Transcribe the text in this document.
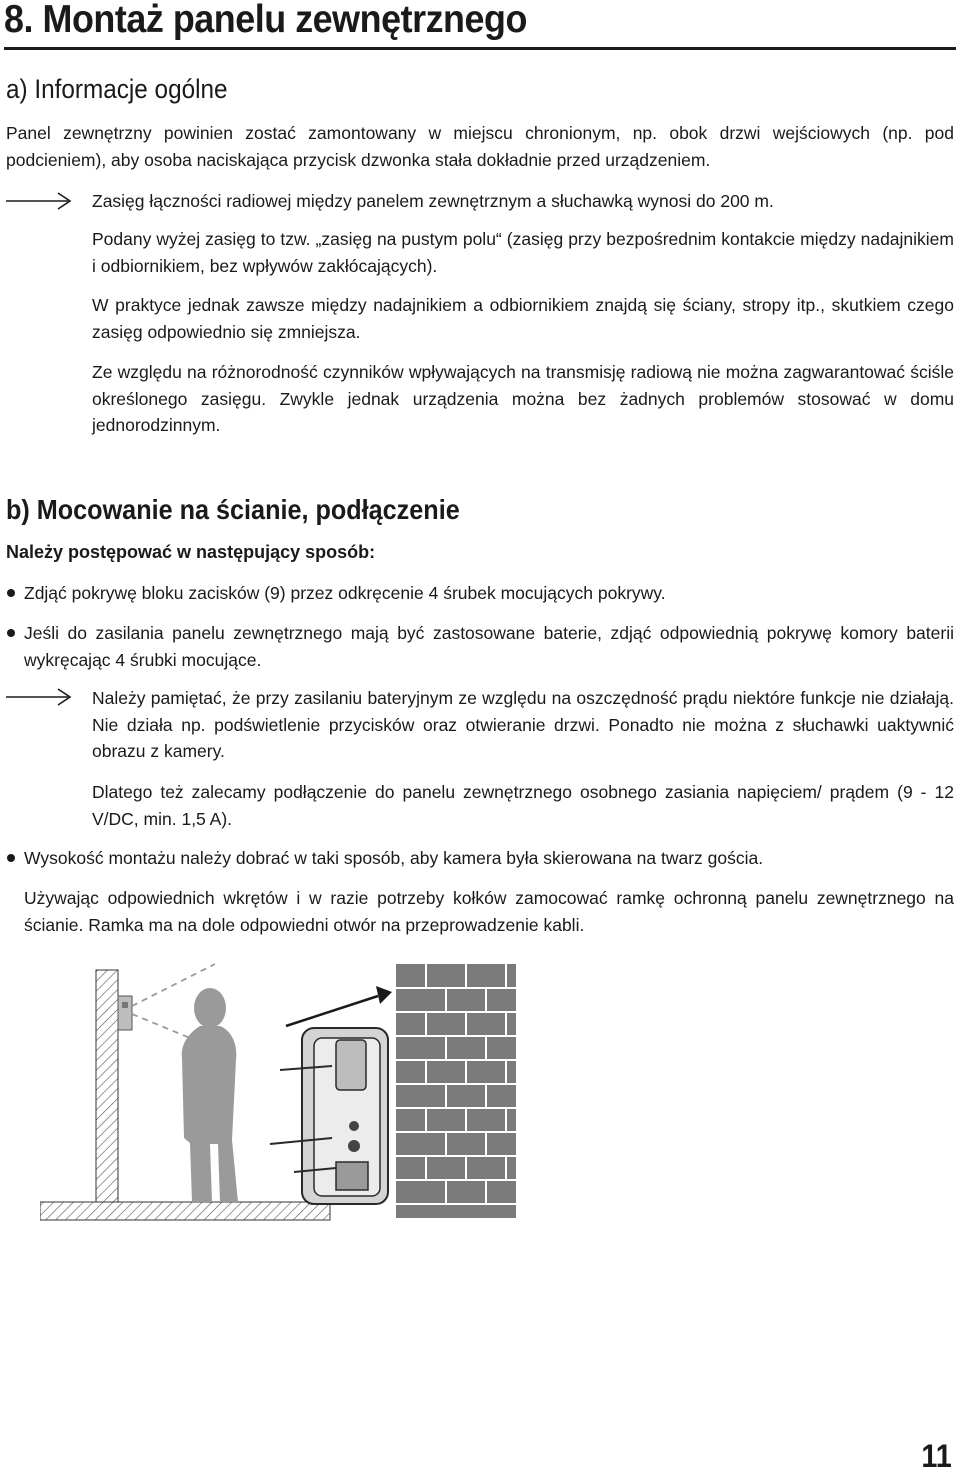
8. Montaż panelu zewnętrznego
a) Informacje ogólne

Panel zewnętrzny powinien zostać zamontowany w miejscu chronionym, np. obok drzwi wejściowych (np. pod podcieniem), aby osoba naciskająca przycisk dzwonka stała dokładnie przed urządzeniem.

Zasięg łączności radiowej między panelem zewnętrznym a słuchawką wynosi do 200 m.

Podany wyżej zasięg to tzw. „zasięg na pustym polu“ (zasięg przy bezpośrednim kontakcie między nadajnikiem i odbiornikiem, bez wpływów zakłócających).

W praktyce jednak zawsze między nadajnikiem a odbiornikiem znajdą się ściany, stropy itp., skutkiem czego zasięg odpowiednio się zmniejsza.

Ze względu na różnorodność czynników wpływających na transmisję radiową nie można zagwarantować ściśle określonego zasięgu. Zwykle jednak urządzenia można bez żadnych problemów stosować w domu jednorodzinnym.

b) Mocowanie na ścianie, podłączenie

Należy postępować w następujący sposób:

Zdjąć pokrywę bloku zacisków (9) przez odkręcenie 4 śrubek mocujących pokrywy.

Jeśli do zasilania panelu zewnętrznego mają być zastosowane baterie, zdjąć odpowiednią pokrywę komory baterii wykręcając 4 śrubki mocujące.

Należy pamiętać, że przy zasilaniu bateryjnym ze względu na oszczędność prądu niektóre funkcje nie działają. Nie działa np. podświetlenie przycisków oraz otwieranie drzwi. Ponadto nie można z słuchawki uaktywnić obrazu z kamery.

Dlatego też zalecamy podłączenie do panelu zewnętrznego osobnego zasiania napięciem/ prądem (9 - 12 V/DC, min. 1,5 A).

Wysokość montażu należy dobrać w taki sposób, aby kamera była skierowana na twarz gościa.

Używając odpowiednich wkrętów i w razie potrzeby kołków zamocować ramkę ochronną panelu zewnętrznego na ścianie. Ramka ma na dole odpowiedni otwór na przeprowadzenie kabli.

11
